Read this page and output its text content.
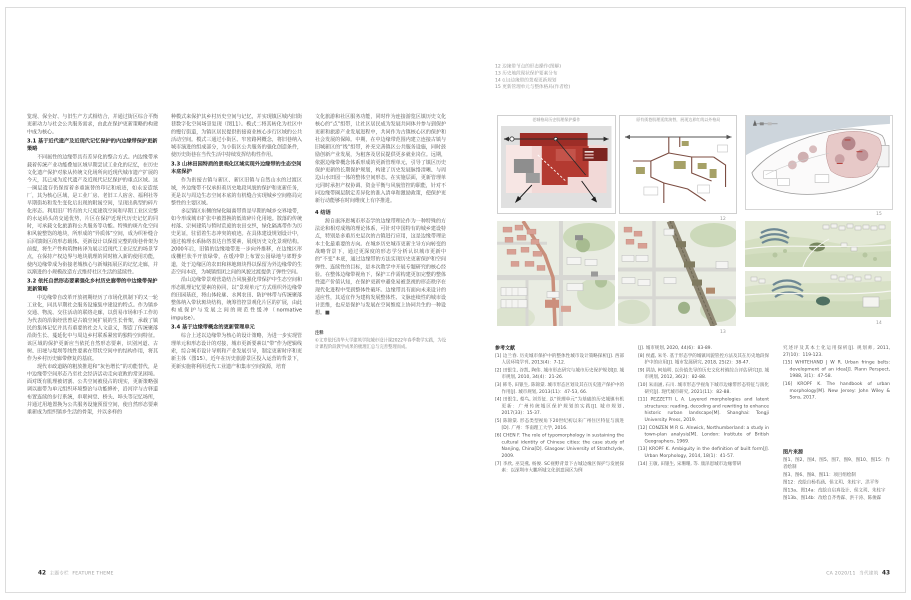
览现、保全好、与旧生产方式相结合，并通过街区综合平衡更新动力与社会公共服务需求，由此在保护更新策略的构建中成为核心。

3.1 基于近代遗产及近现代记忆保护的内边缘带保护更新策略

不同属性的边缘带具有差异化的整合方式。内边缘带承载着传统产业功能叠加区域早期尝试工业化的记忆，在历史文化遗产保护对象从传统文化场所向近现代城市遗产扩展的今天，其已成为近代遗产及近现代记忆保护的重点区域。这一圈层遗存仍保留着多重演替的印记和痕迹，如永安造纸厂，其为核心区域，是工业厂房、老旧工人宿舍、福利社等早期街坊和发生变化后出现的附属空间，呈现出典型的碎片化形态。利用旧厂特有的大尺度建筑空间和早期工业区完整的水运码头的交通优势，片区在保护近现代历史记忆的同时，可承载文化旅游和公共服务等功能。特殊的斑片化空间和风貌整饬的地块，所形成的“异质体”空间，成为织补缝合后回馈街区的形态载体。更新设计以保留完整的街巷骨架为前提，将生产性构筑物转译为展示近现代工业记忆的场景节点，在保持产权边界与地块肌理的同时植入新的使用功能，使内边缘带成为衔接老城核心与新城拓展区的记忆走廊，并以渐进的小规模改造方式维持社区生活的延续性。

3.2 依托自然形态要素强化乡村历史廊带的中边缘带保护更新策略

中边缘带自改革开放初期经历了市场化机制下的又一轮工业化，同具早期社会服务设施集中建设的特点。作为镇乡交通、物流、交往活动的联络走廊，以贸易市场和手工作坊为代表的沿街经营曾是古镇空间扩展的生长骨架，承载了镇民的集体记忆并具有重要的社会人文意义，塑造了传统聚落沿街生长、蔓延化中与周边乡村联系紧密的独特空间特征。该区域的保护更新应当依托自然形态要素，识别河道、古树、田埂与堤坝等线性要素在带状空间中的结构作用，将其作为乡村历史廊带修复的基底。

现代市政道路的粗放推进和“灰色增长”的功能替代，是中边缘带空间形态乃至社会经济活动走向衰败的常见困境。面对既有肌理被切割、公共空间被侵占的现实，更新策略强调以廊带为单元组织环境整治与功能修补，沿河岸与古驿道布置连续的步行系统，串联祠堂、桥头、埠头等记忆场所，并通过用地置换为公共服务设施预留空间，使自然形态要素重新成为组织镇乡生活的骨架，并以多样的

种模式来保护其乡村历史空间与记忆，并实现镇区城内旧街巷数字化空间场景复现（图11）。模式二将其转化为社区中的慢行街道，为镇区居民提供衔接商业核心步行区域的公共活动空间。模式三通过小街区、窄密路网概念，将旧巷纳入城市演进的组成部分，为小街区公共服务的强化创造条件，使历史街巷在当代生活中持续发挥结构性作用。

3.3 山林田园特质的景观化区域实现外边缘带的生态空间本底保护

作为衔接古镇与新区、新区旧镇与自然山水的过渡区域，外边缘带不仅承担着历史地段风貌的保护和更新任务，更是以与周边生态空间本底的有机缝合实现城乡空间格局完整性的主要区域。

多层镇区东侧的绿化隔离带曾是早期的城乡交界地带，如今形成城市扩张中被置换的低效碎片化用地。散落的传统村落、宗祠建筑与暂时荒废的农田交织，绿化隔离带作为历史见证，驻留着生态冲突的痕迹。在具体建设规划设计中，通过梳理水系脉络表达自然要素，展现历史文化景观结构。2000年后，旧镇的边缘地带进一步向外推移，在边缘区形成栅栏状半开放绿带，在缓冲带上布置公园绿地与郊野步道，处于边缘区的农田和林地斑块得以保留为外边缘带的生态空间本底，为城镇组团之间的风貌过渡提供了弹性空间。

沿山边缘带景观营造结合风貌强化带保护中生态空间和形态肌理记忆要素的协同，以“景观单元”方式组织外边缘带的田园基底，将山体轮廓、水网农田、防护林带与传统聚落整体纳入带状斑块结构，统筹管控景观化片区的扩展，由此构成保护与发展之间的规范性缓冲（normative impulse）。

3.4 基于边缘带概念的更新管理单元

综合上述以边缘带为核心的设计策略，为进一步实现管理单元和形态设计的对接，城市更新要素以“带”作为逻辑线索，综合城市设计导则和产业发展引导，制定更新时序和更新主体（图15）。近年在历史旅游景区投入运营的背景下，更新实施将利用近代工业遗产和集市空间资源，培育

文化旅游和社区服务功能，同时作为连接游览区镇历史文化核心的“点”组带，让社区居民成为发展共同体并参与到保护更新和旅游产业发展进程中，共同作为古镇核心区的保护和社会发展的保障。中期，在中边缘带范围内建立连接古镇与旧城新区的“线”组带，补充完善镇区公共服务设施，同时鼓励创新产业发展，为租客及居民提供更多就业岗位。远期，依据边缘带概念体系形成的更新管理单元，引导了镇区历史保护更新的长期保护规划，构建了历史发展脉络清晰、与周边山水田园一体的整体空间形态。在实施层面，更新管理单元同时承担产权协调、资金平衡与风貌管控的职能，针对不同边缘带圈层制定差异化的准入清单和激励政策，使保护更新行动能够在时间维度上有序推进。

4 结语

源自康泽恩城市形态学的边缘带理论作为一种特殊的方法论和相对成熟的理论体系，可针对中国特有的城乡建设特点，特别是多重历史层次的古镇进行应用，这是边缘带理论本土化最重要的方向。在城乡历史城市更新主导方向转变的战略背景下，通过更深度的形态学分析认识城市更新中的“不变”本底，通过边缘带的方法实现历史更新保护和空间弹性、连续性的目标，是本次教学中开展专题研究的核心经验。在整体边缘带视角下，保护工作需构建更加完整的整体性遗产价值认知，在保护更新中避免易被忽视的形态秩序在现代化进程中受到整体性破坏。边缘带具有面向未来设计的适应性，其适宜作为建构发展整体性、文脉连续性的城市设计思维，也应是保护与发展在空间维度上协同共生的一种设想。■

注释

①文章依托清华大学建筑学院城市设计课2022年春季教学实践，为设计课程阶段教学成果的梳理汇总与完善整理而成。

42 主题专栏 FEATURE THEME
12 边缘带节点的形态操作(图解)
13 历史地段现状保护要素分布
14 (山)边缘带的景观更新规划
15 更新管理单元与整体格局(作者绘)
老城格局历史肌理保护操作	原有街巷肌理延续演替，展现边界红线以外格局
12
15
13
14
参考文献

[1] 边兰春. 历史城市保护中的整体性城市设计策略探析[J]. 西部人居环境学刊, 2013(4)：7-12.

[2] 田银生, 谷凯, 陶伟. 城市形态研究与城市历史保护规划[J]. 城市规划, 2010, 34(4)：21-26.

[3] 韩冬, 田银生, 陈锦棠. 城市形态区划及其在历史遗产保护中的作用[J]. 城市规划, 2013(11)：47-53, 66.

[4] 田银生, 蔡鸟, 刘芳征. 以“管理单元”为基础的历史城镇有机更新：广州传统城区保护规划的实践[J]. 城市规划, 2017(33)：15-37.

[5] 陈锦棠. 形态类型视角下20世纪初以来广州住区特征与演进[D]. 广州：华南理工大学, 2016.

[6] CHEN F. The role of typomorphology in sustaining the cultural identity of Chinese cities: the case study of Nanjing, China[D]. Glasgow: University of Strathclyde, 2009.

[7] 李欣, 巫昊燕, 杨俊. SC视野背景下古城边缘区保护与发展探索：以深圳市大鹏所城文化创意园区为例

[J]. 城市规划, 2020, 44(6)：83-89.

[8] 侯鑫, 朱冬. 基于形态学的城镇风貌管控方法及其在历史地段保护中的应用[J]. 城市发展研究, 2018, 25(2)：38-47.

[9] 阴劼, 柯灿明. 以价值先导的历史文化村镇综合评估研究[J]. 城市规划, 2012, 36(2)：82-88.

[10] 朱雨涵, 石川. 城市形态学视角下城市边缘带形态特征与演化研究[J]. 现代城市研究, 2021(11)：82-88.

[11] PEZZETTI L A. Layered morphologies and latent structures: reading, decoding and rewriting to enhance historic rurban landscape[M]. Shanghai: Tongji University Press, 2019.

[12] CONZEN M R G. Alnwick, Northumberland: a study in town-plan analysis[M]. London: Institute of British Geographers, 1969.

[13] KROPF K. Ambiguity in the definition of built form[J]. Urban Morphology, 2014, 18(1)：41-57.

[14] 王敏, 田银生, 宋珊珊, 等. 康泽恩城市边缘带研

究述评及其本土化运用探析[J]. 规划师, 2011, 27(10)：119-123.

[15] WHITEHAND J W R. Urban fringe belts: development of an idea[J]. Plann Perspect, 1988, 3(1)：47-58.

[16] KROPF K. The handbook of urban morphology[M]. New Jersey: John Wiley & Sons, 2017.

图片来源

图1、图2、图4、图5、图7、图9、图10、图15：作者绘制

图3、图6、图8、图11：项目组绘制

图12：改绘自杨若涵、侯文玥、朱柱宇、洪平等

图13a、图14a：改绘自启真设计、侯文玥、朱柱宇

图13b、图14b：改绘自齐秀霖、洪干涛、陈俊霖

CA 2020/11 当代建筑 43
